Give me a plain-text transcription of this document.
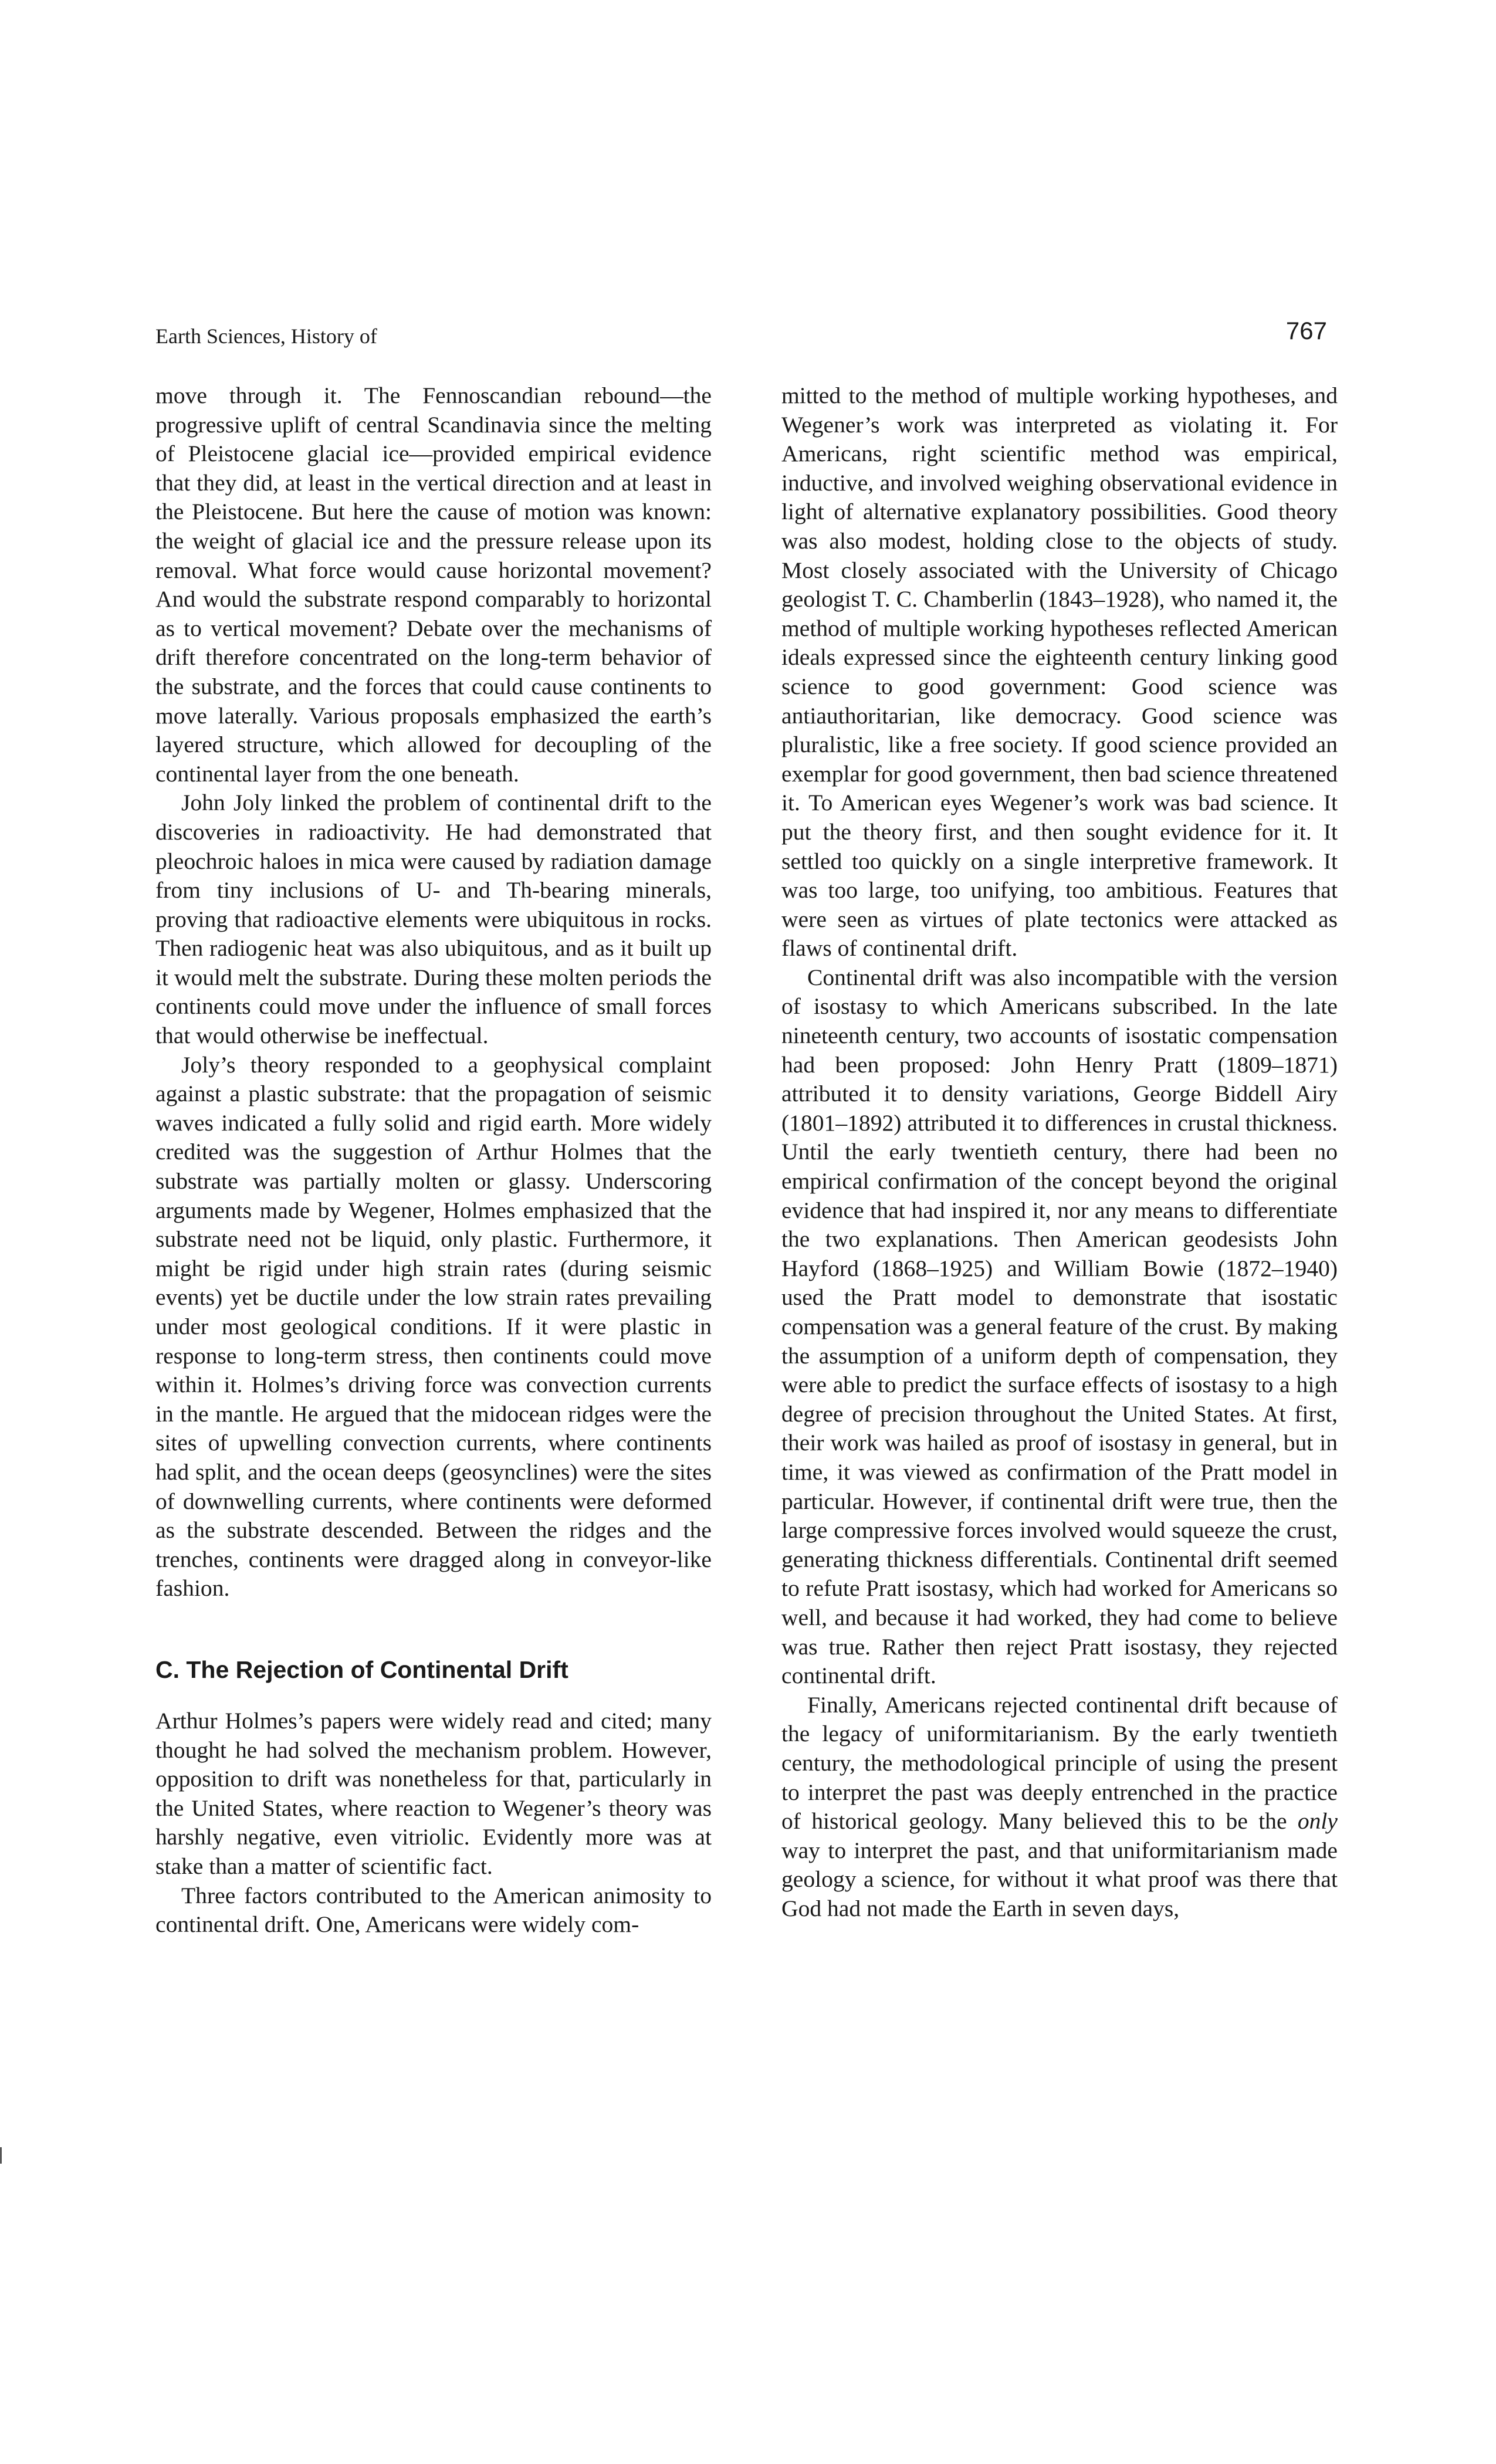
Earth Sciences, History of	767

move through it. The Fennoscandian rebound—the progressive uplift of central Scandinavia since the melting of Pleistocene glacial ice—provided empirical evidence that they did, at least in the vertical direction and at least in the Pleistocene. But here the cause of motion was known: the weight of glacial ice and the pressure release upon its removal. What force would cause horizontal movement? And would the substrate respond comparably to horizontal as to vertical movement? Debate over the mechanisms of drift therefore concentrated on the long-term behavior of the substrate, and the forces that could cause continents to move laterally. Various proposals emphasized the earth’s layered structure, which allowed for decoupling of the continental layer from the one beneath.

John Joly linked the problem of continental drift to the discoveries in radioactivity. He had demonstrated that pleochroic haloes in mica were caused by radiation damage from tiny inclusions of U- and Th-bearing minerals, proving that radioactive elements were ubiquitous in rocks. Then radiogenic heat was also ubiquitous, and as it built up it would melt the substrate. During these molten periods the continents could move under the influence of small forces that would otherwise be ineffectual.

Joly’s theory responded to a geophysical complaint against a plastic substrate: that the propagation of seismic waves indicated a fully solid and rigid earth. More widely credited was the suggestion of Arthur Holmes that the substrate was partially molten or glassy. Underscoring arguments made by Wegener, Holmes emphasized that the substrate need not be liquid, only plastic. Furthermore, it might be rigid under high strain rates (during seismic events) yet be ductile under the low strain rates prevailing under most geological conditions. If it were plastic in response to long-term stress, then continents could move within it. Holmes’s driving force was convection currents in the mantle. He argued that the midocean ridges were the sites of upwelling convection currents, where continents had split, and the ocean deeps (geosynclines) were the sites of downwelling currents, where continents were deformed as the substrate descended. Between the ridges and the trenches, continents were dragged along in conveyor-like fashion.

C. The Rejection of Continental Drift

Arthur Holmes’s papers were widely read and cited; many thought he had solved the mechanism problem. However, opposition to drift was nonetheless for that, particularly in the United States, where reaction to Wegener’s theory was harshly negative, even vitriolic. Evidently more was at stake than a matter of scientific fact.

Three factors contributed to the American animosity to continental drift. One, Americans were widely com-

mitted to the method of multiple working hypotheses, and Wegener’s work was interpreted as violating it. For Americans, right scientific method was empirical, inductive, and involved weighing observational evidence in light of alternative explanatory possibilities. Good theory was also modest, holding close to the objects of study. Most closely associated with the University of Chicago geologist T. C. Chamberlin (1843–1928), who named it, the method of multiple working hypotheses reflected American ideals expressed since the eighteenth century linking good science to good government: Good science was antiauthoritarian, like democracy. Good science was pluralistic, like a free society. If good science provided an exemplar for good government, then bad science threatened it. To American eyes Wegener’s work was bad science. It put the theory first, and then sought evidence for it. It settled too quickly on a single interpretive framework. It was too large, too unifying, too ambitious. Features that were seen as virtues of plate tectonics were attacked as flaws of continental drift.

Continental drift was also incompatible with the version of isostasy to which Americans subscribed. In the late nineteenth century, two accounts of isostatic compensation had been proposed: John Henry Pratt (1809–1871) attributed it to density variations, George Biddell Airy (1801–1892) attributed it to differences in crustal thickness. Until the early twentieth century, there had been no empirical confirmation of the concept beyond the original evidence that had inspired it, nor any means to differentiate the two explanations. Then American geodesists John Hayford (1868–1925) and William Bowie (1872–1940) used the Pratt model to demonstrate that isostatic compensation was a general feature of the crust. By making the assumption of a uniform depth of compensation, they were able to predict the surface effects of isostasy to a high degree of precision throughout the United States. At first, their work was hailed as proof of isostasy in general, but in time, it was viewed as confirmation of the Pratt model in particular. However, if continental drift were true, then the large compressive forces involved would squeeze the crust, generating thickness differentials. Continental drift seemed to refute Pratt isostasy, which had worked for Americans so well, and because it had worked, they had come to believe was true. Rather then reject Pratt isostasy, they rejected continental drift.

Finally, Americans rejected continental drift because of the legacy of uniformitarianism. By the early twentieth century, the methodological principle of using the present to interpret the past was deeply entrenched in the practice of historical geology. Many believed this to be the only way to interpret the past, and that uniformitarianism made geology a science, for without it what proof was there that God had not made the Earth in seven days,
